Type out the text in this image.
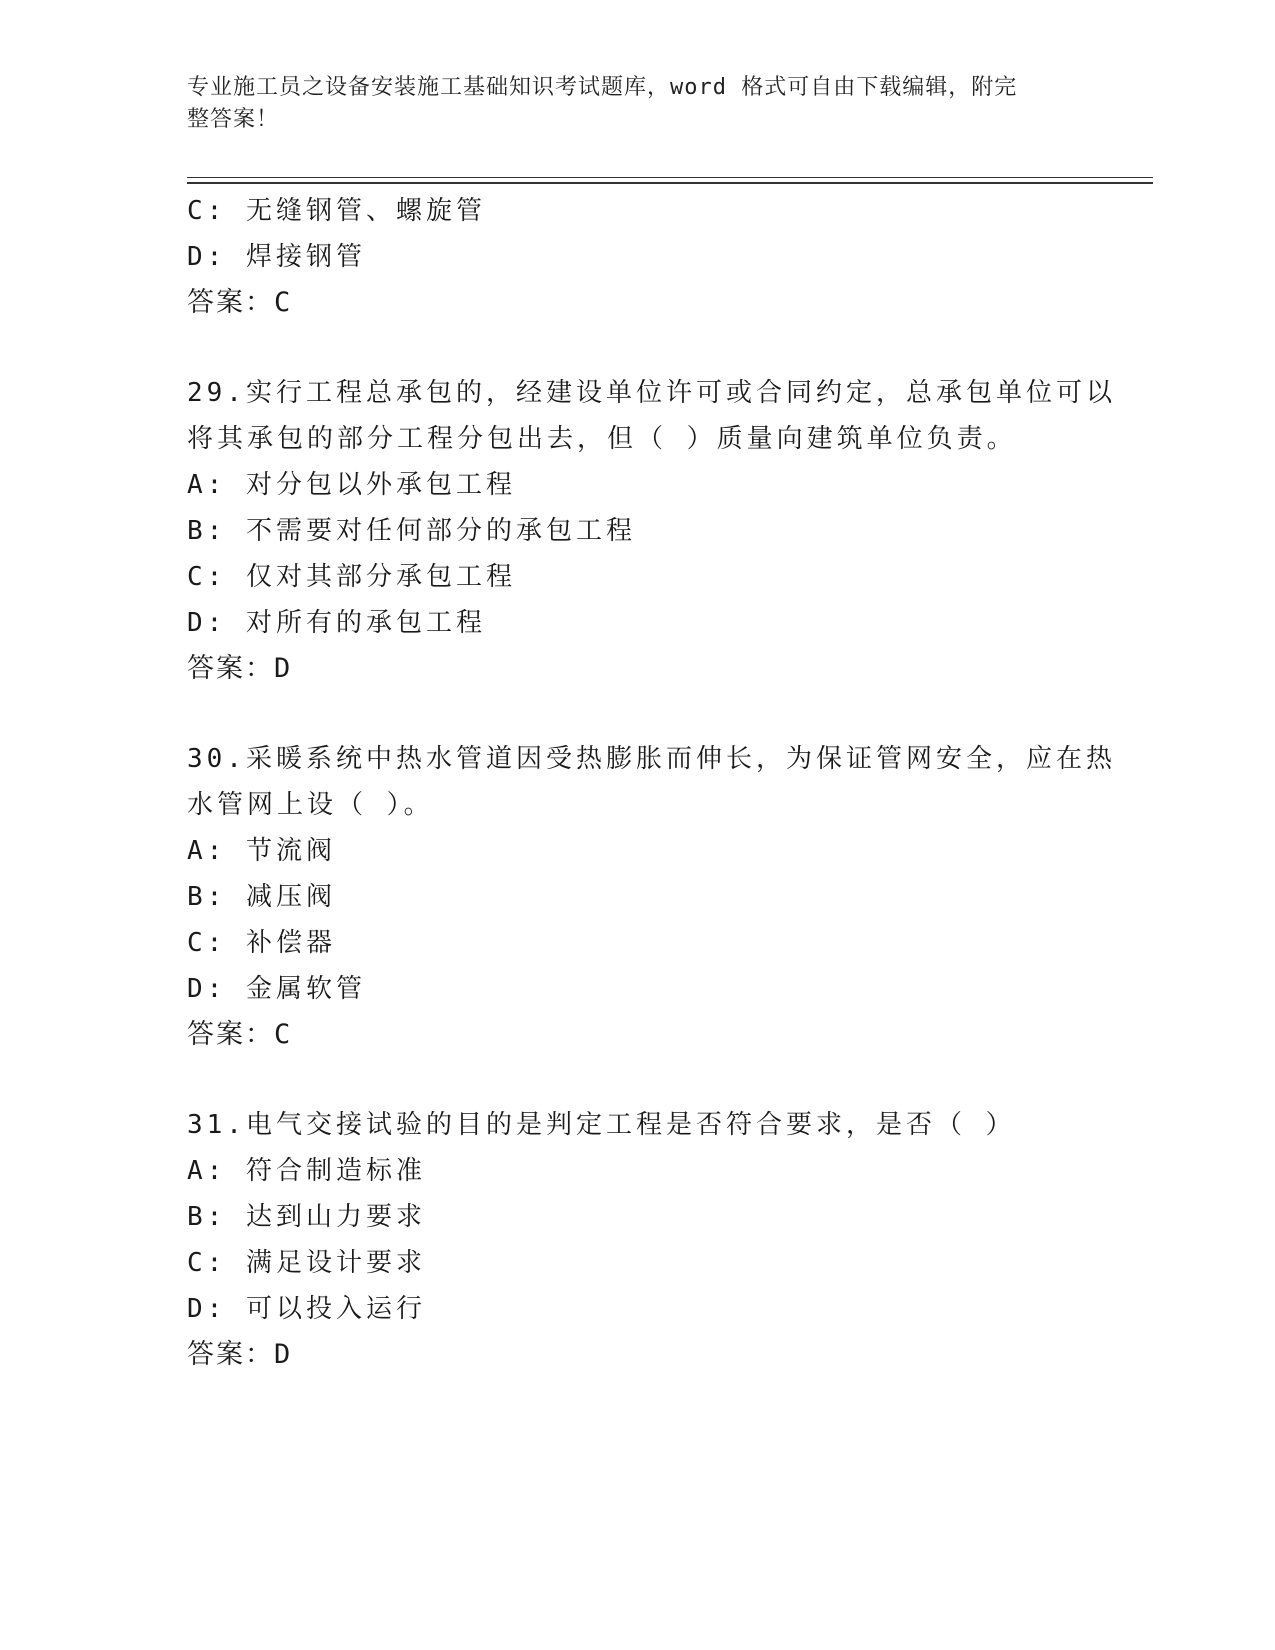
专业施工员之设备安装施工基础知识考试题库，word 格式可自由下载编辑，附完
整答案！
C: 无缝钢管、螺旋管
D: 焊接钢管
答案：C
29.实行工程总承包的，经建设单位许可或合同约定，总承包单位可以
将其承包的部分工程分包出去，但（ ）质量向建筑单位负责。
A: 对分包以外承包工程
B: 不需要对任何部分的承包工程
C: 仅对其部分承包工程
D: 对所有的承包工程
答案：D
30.采暖系统中热水管道因受热膨胀而伸长，为保证管网安全，应在热
水管网上设（ ）。
A: 节流阀
B: 减压阀
C: 补偿器
D: 金属软管
答案：C
31.电气交接试验的目的是判定工程是否符合要求，是否（ ）
A: 符合制造标准
B: 达到山力要求
C: 满足设计要求
D: 可以投入运行
答案：D
